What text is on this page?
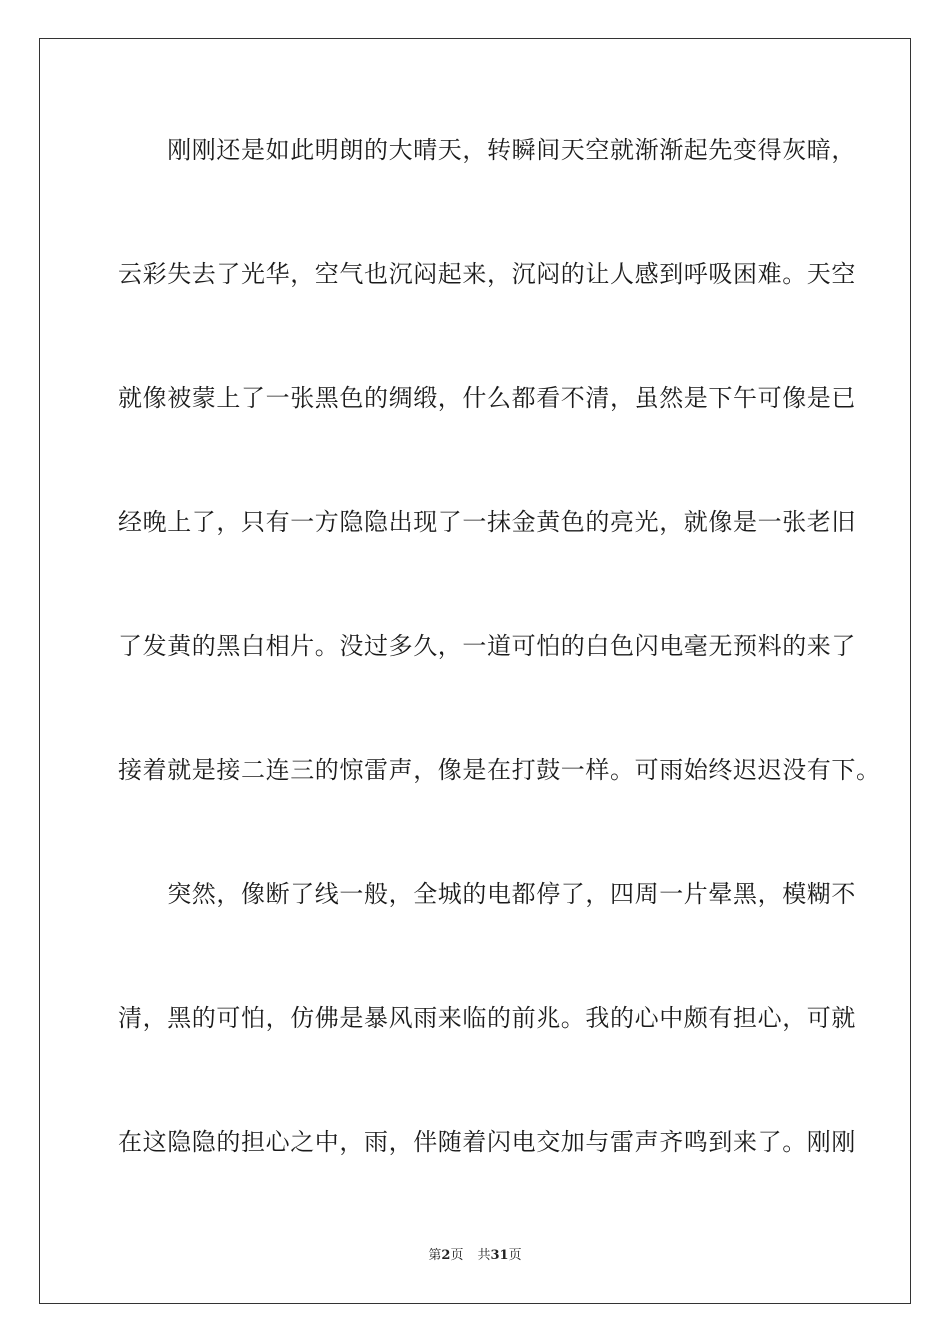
　　刚刚还是如此明朗的大晴天，转瞬间天空就渐渐起先变得灰暗，
云彩失去了光华，空气也沉闷起来，沉闷的让人感到呼吸困难。天空
就像被蒙上了一张黑色的绸缎，什么都看不清，虽然是下午可像是已
经晚上了，只有一方隐隐出现了一抹金黄色的亮光，就像是一张老旧
了发黄的黑白相片。没过多久，一道可怕的白色闪电毫无预料的来了
接着就是接二连三的惊雷声，像是在打鼓一样。可雨始终迟迟没有下。
　　突然，像断了线一般，全城的电都停了，四周一片晕黑，模糊不
清，黑的可怕，仿佛是暴风雨来临的前兆。我的心中颇有担心，可就
在这隐隐的担心之中，雨，伴随着闪电交加与雷声齐鸣到来了。刚刚
第2页 共31页
